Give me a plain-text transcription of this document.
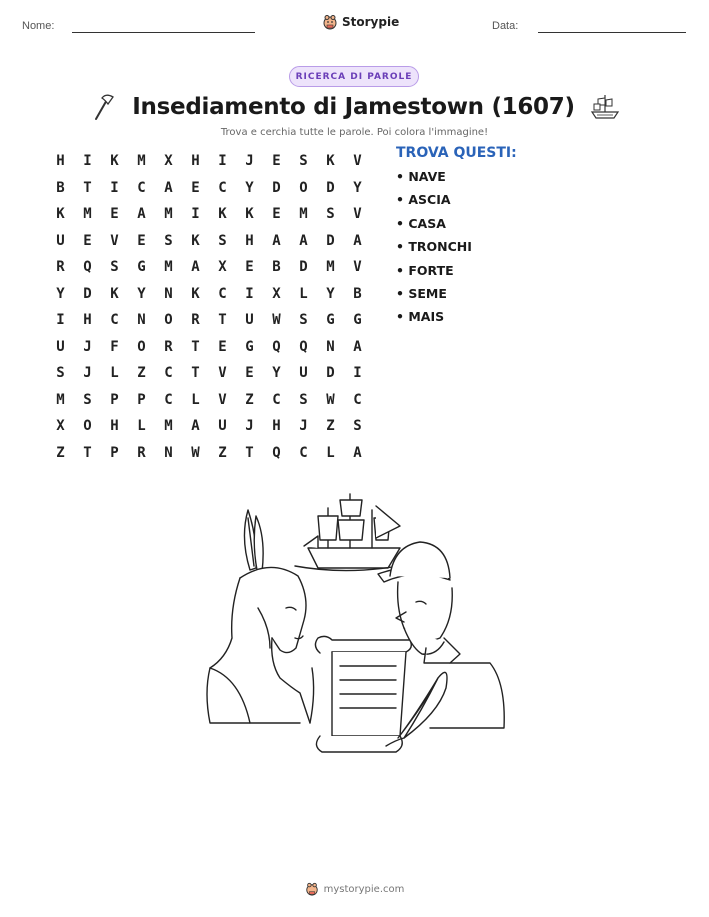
Nome:	Data:
Storypie
RICERCA DI PAROLE
Insediamento di Jamestown (1607)
Trova e cerchia tutte le parole. Poi colora l'immagine!
H	I	K	M	X	H	I	J	E	S	K	V
B	T	I	C	A	E	C	Y	D	O	D	Y
K	M	E	A	M	I	K	K	E	M	S	V
U	E	V	E	S	K	S	H	A	A	D	A
R	Q	S	G	M	A	X	E	B	D	M	V
Y	D	K	Y	N	K	C	I	X	L	Y	B
I	H	C	N	O	R	T	U	W	S	G	G
U	J	F	O	R	T	E	G	Q	Q	N	A
S	J	L	Z	C	T	V	E	Y	U	D	I
M	S	P	P	C	L	V	Z	C	S	W	C
X	O	H	L	M	A	U	J	H	J	Z	S
Z	T	P	R	N	W	Z	T	Q	C	L	A
TROVA QUESTI:
• NAVE
• ASCIA
• CASA
• TRONCHI
• FORTE
• SEME
• MAIS
mystorypie.com
